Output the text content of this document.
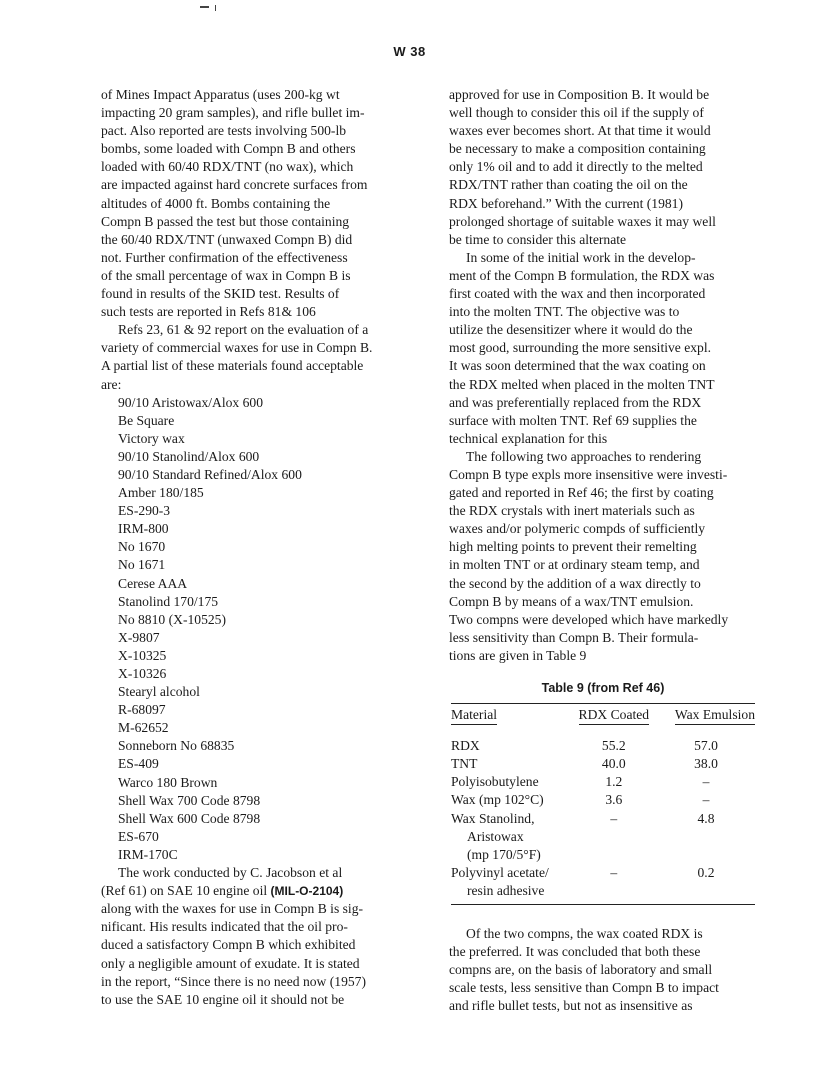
W 38

of Mines Impact Apparatus (uses 200-kg wt
impacting 20 gram samples), and rifle bullet im-
pact. Also reported are tests involving 500-lb
bombs, some loaded with Compn B and others
loaded with 60/40 RDX/TNT (no wax), which
are impacted against hard concrete surfaces from
altitudes of 4000 ft. Bombs containing the
Compn B passed the test but those containing
the 60/40 RDX/TNT (unwaxed Compn B) did
not. Further confirmation of the effectiveness
of the small percentage of wax in Compn B is
found in results of the SKID test. Results of
such tests are reported in Refs 81& 106

Refs 23, 61 & 92 report on the evaluation of a
variety of commercial waxes for use in Compn B.
A partial list of these materials found acceptable
are:

90/10 Aristowax/Alox 600
Be Square
Victory wax
90/10 Stanolind/Alox 600
90/10 Standard Refined/Alox 600
Amber 180/185
ES-290-3
IRM-800
No 1670
No 1671
Cerese AAA
Stanolind 170/175
No 8810 (X-10525)
X-9807
X-10325
X-10326
Stearyl alcohol
R-68097
M-62652
Sonneborn No 68835
ES-409
Warco 180 Brown
Shell Wax 700 Code 8798
Shell Wax 600 Code 8798
ES-670
IRM-170C

The work conducted by C. Jacobson et al
(Ref 61) on SAE 10 engine oil (MIL-O-2104)
along with the waxes for use in Compn B is sig-
nificant. His results indicated that the oil pro-
duced a satisfactory Compn B which exhibited
only a negligible amount of exudate. It is stated
in the report, “Since there is no need now (1957)
to use the SAE 10 engine oil it should not be

approved for use in Composition B. It would be
well though to consider this oil if the supply of
waxes ever becomes short. At that time it would
be necessary to make a composition containing
only 1% oil and to add it directly to the melted
RDX/TNT rather than coating the oil on the
RDX beforehand.” With the current (1981)
prolonged shortage of suitable waxes it may well
be time to consider this alternate

In some of the initial work in the develop-
ment of the Compn B formulation, the RDX was
first coated with the wax and then incorporated
into the molten TNT. The objective was to
utilize the desensitizer where it would do the
most good, surrounding the more sensitive expl.
It was soon determined that the wax coating on
the RDX melted when placed in the molten TNT
and was preferentially replaced from the RDX
surface with molten TNT. Ref 69 supplies the
technical explanation for this

The following two approaches to rendering
Compn B type expls more insensitive were investi-
gated and reported in Ref 46; the first by coating
the RDX crystals with inert materials such as
waxes and/or polymeric compds of sufficiently
high melting points to prevent their remelting
in molten TNT or at ordinary steam temp, and
the second by the addition of a wax directly to
Compn B by means of a wax/TNT emulsion.
Two compns were developed which have markedly
less sensitivity than Compn B. Their formula-
tions are given in Table 9

Table 9 (from Ref 46)
Material	RDX Coated	Wax Emulsion
RDX	55.2	57.0
TNT	40.0	38.0
Polyisobutylene	1.2	–
Wax (mp 102°C)	3.6	–
Wax Stanolind,
Aristowax
(mp 170/5°F)	–	4.8
Polyvinyl acetate/
resin adhesive	–	0.2

Of the two compns, the wax coated RDX is
the preferred. It was concluded that both these
compns are, on the basis of laboratory and small
scale tests, less sensitive than Compn B to impact
and rifle bullet tests, but not as insensitive as
